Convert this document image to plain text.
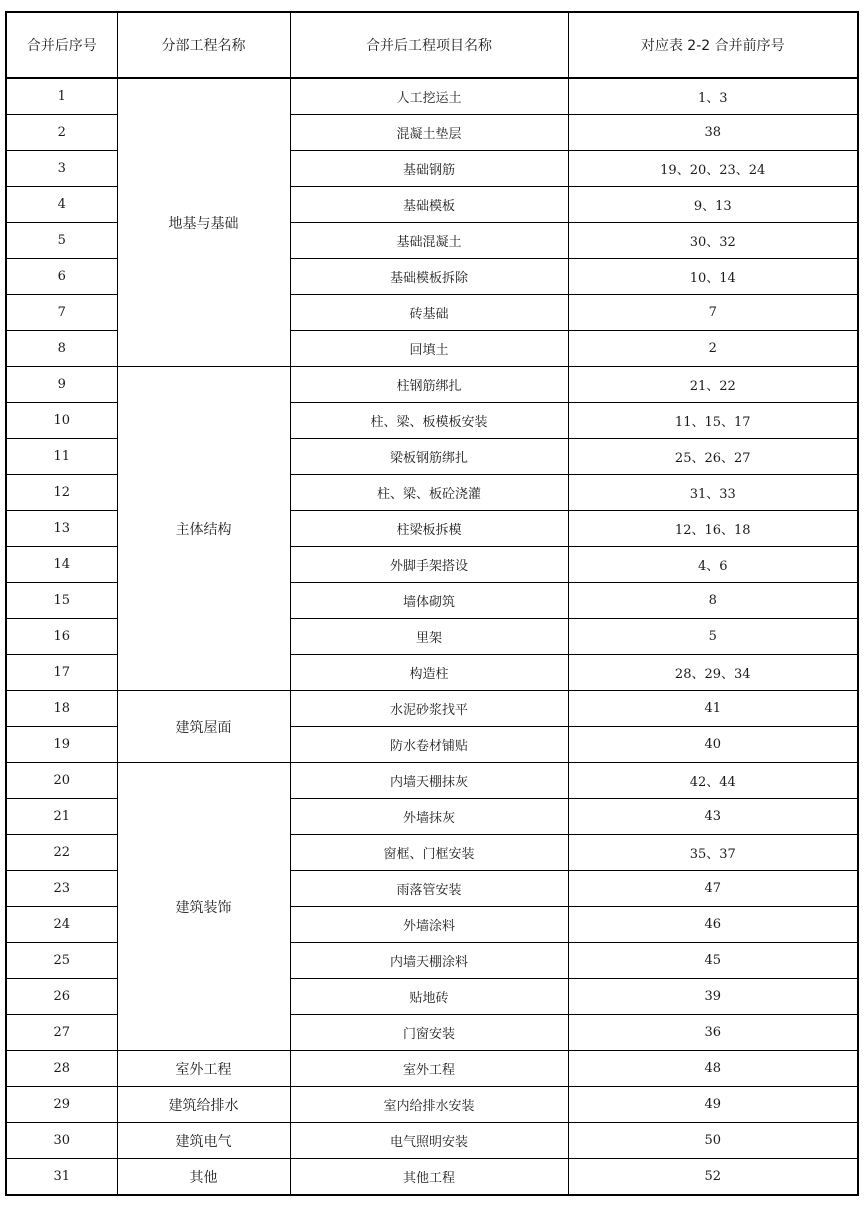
合并后序号	分部工程名称	合并后工程项目名称	对应表 2-2 合并前序号
1	地基与基础	人工挖运土	1、3
2		混凝土垫层	38
3		基础钢筋	19、20、23、24
4		基础模板	9、13
5		基础混凝土	30、32
6		基础模板拆除	10、14
7		砖基础	7
8		回填土	2
9	主体结构	柱钢筋绑扎	21、22
10		柱、梁、板模板安装	11、15、17
11		梁板钢筋绑扎	25、26、27
12		柱、梁、板砼浇灌	31、33
13		柱梁板拆模	12、16、18
14		外脚手架搭设	4、6
15		墙体砌筑	8
16		里架	5
17		构造柱	28、29、34
18	建筑屋面	水泥砂浆找平	41
19		防水卷材铺贴	40
20	建筑装饰	内墙天棚抹灰	42、44
21		外墙抹灰	43
22		窗框、门框安装	35、37
23		雨落管安装	47
24		外墙涂料	46
25		内墙天棚涂料	45
26		贴地砖	39
27		门窗安装	36
28	室外工程	室外工程	48
29	建筑给排水	室内给排水安装	49
30	建筑电气	电气照明安装	50
31	其他	其他工程	52
